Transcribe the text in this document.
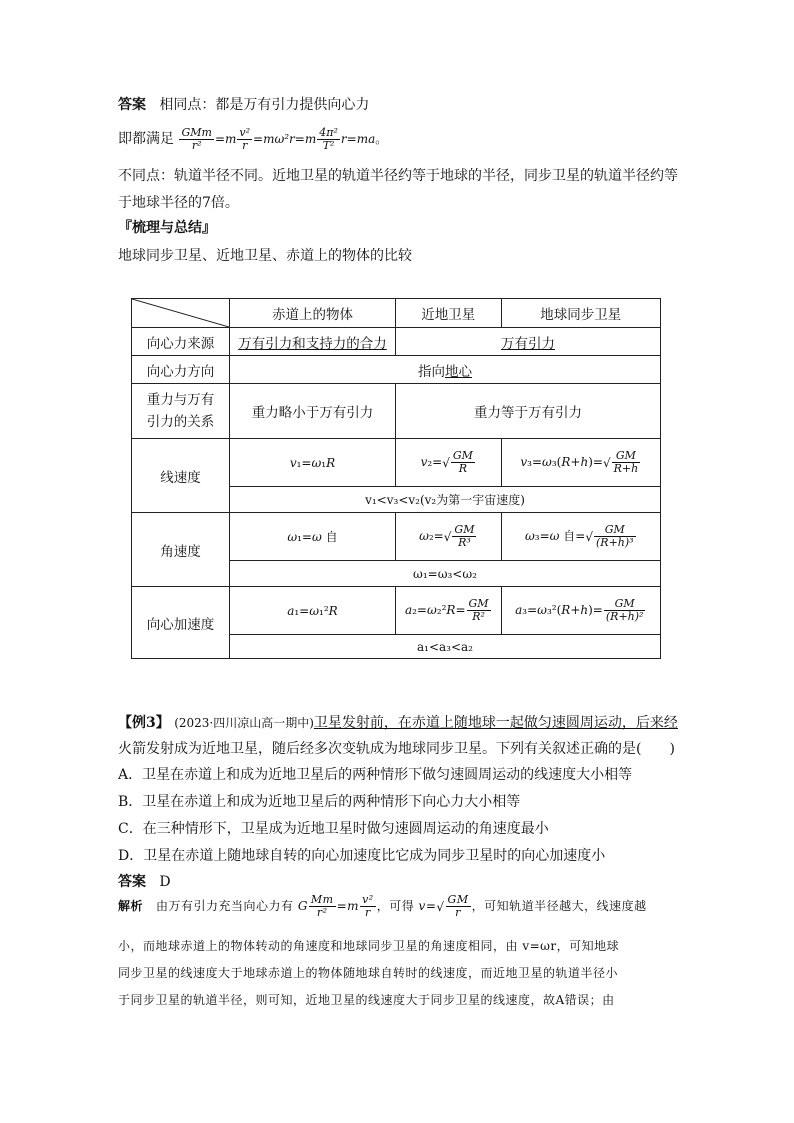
答案 相同点：都是万有引力提供向心力
即都满足 $\frac{\text{GMm}}{\text{r²}} =m \frac{\text{v²}}{r} =m\omega^2r=m \frac{\text{4π²}}{\text{T²}} r=ma$。
不同点：轨道半径不同。近地卫星的轨道半径约等于地球的半径，同步卫星的轨道半径约等
于地球半径的7倍。
『梳理与总结』
地球同步卫星、近地卫星、赤道上的物体的比较
	赤道上的物体	近地卫星	地球同步卫星
向心力来源	万有引力和支持力的合力	万有引力	
向心力方向	指向地心		
重力与万有
引力的关系	重力略小于万有引力	重力等于万有引力	
线速度	v₁=ω₁R	$v_2=√ \frac{GM}{R}$	$v_3=\omega_3(R+h)=√ \frac{GM}{R+h}$

	v₁<v₃<v₂(v₂为第一宇宙速度)		
角速度	ω₁=ω 自	$\omega_2=√ \frac{GM}{\text{R³}}$	ω₃=ω 自=√ $\frac{GM}{\text{(R+h)³}}$

	ω₁=ω₃<ω₂		
向心加速度	a₁=ω₁²R	$a_2=\omega_2^2R= \frac{GM}{\text{R²}}$	$a_3=\omega_3^2(R+h)= \frac{GM}{\text{(R+h)²}}$

	a₁<a₃<a₂		
【例3】 (2023·四川凉山高一期中)卫星发射前，在赤道上随地球一起做匀速圆周运动，后来经
火箭发射成为近地卫星，随后经多次变轨成为地球同步卫星。下列有关叙述正确的是(　　)
A．卫星在赤道上和成为近地卫星后的两种情形下做匀速圆周运动的线速度大小相等
B．卫星在赤道上和成为近地卫星后的两种情形下向心力大小相等
C．在三种情形下，卫星成为近地卫星时做匀速圆周运动的角速度最小
D．卫星在赤道上随地球自转的向心加速度比它成为同步卫星时的向心加速度小
答案 D
解析 由万有引力充当向心力有 G $\frac{Mm}{\text{r²}} =m \frac{\text{v²}}{r}$ ，可得 $v=√ \frac{GM}{r}$ ，可知轨道半径越大，线速度越
小，而地球赤道上的物体转动的角速度和地球同步卫星的角速度相同，由 v=ωr，可知地球
同步卫星的线速度大于地球赤道上的物体随地球自转时的线速度，而近地卫星的轨道半径小
于同步卫星的轨道半径，则可知，近地卫星的线速度大于同步卫星的线速度，故A错误；由
